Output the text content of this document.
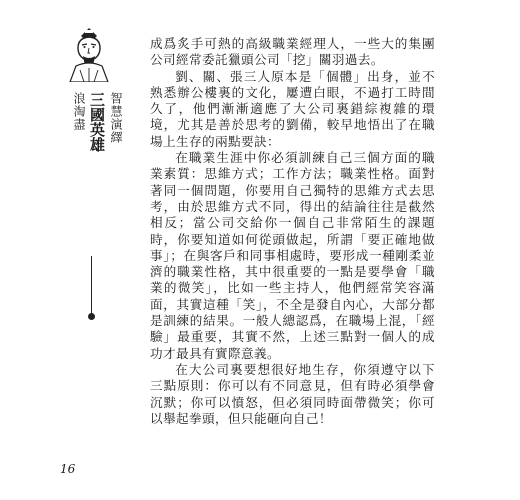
浪淘盡 三國英雄 智慧演繹

成爲炙手可熱的高級職業經理人，一些大的集團公司經常委託獵頭公司「挖」關羽過去。

劉、關、張三人原本是「個體」出身，並不熟悉辦公樓裏的文化，屢遭白眼，不過打工時間久了，他們漸漸適應了大公司裏錯綜複雜的環境，尤其是善於思考的劉備，較早地悟出了在職場上生存的兩點要訣：

在職業生涯中你必須訓練自己三個方面的職業素質：思維方式；工作方法；職業性格。面對著同一個問題，你要用自己獨特的思維方式去思考，由於思維方式不同，得出的結論往往是截然相反；當公司交給你一個自己非常陌生的課題時，你要知道如何從頭做起，所謂「要正確地做事」；在與客戶和同事相處時，要形成一種剛柔並濟的職業性格，其中很重要的一點是要學會「職業的微笑」，比如一些主持人，他們經常笑容滿面，其實這種「笑」，不全是發自內心，大部分都是訓練的結果。一般人總認爲，在職場上混，「經驗」最重要，其實不然，上述三點對一個人的成功才最具有實際意義。

在大公司裏要想很好地生存，你須遵守以下三點原則：你可以有不同意見，但有時必須學會沉默；你可以憤怒，但必須同時面帶微笑；你可以舉起拳頭，但只能砸向自己！

16
